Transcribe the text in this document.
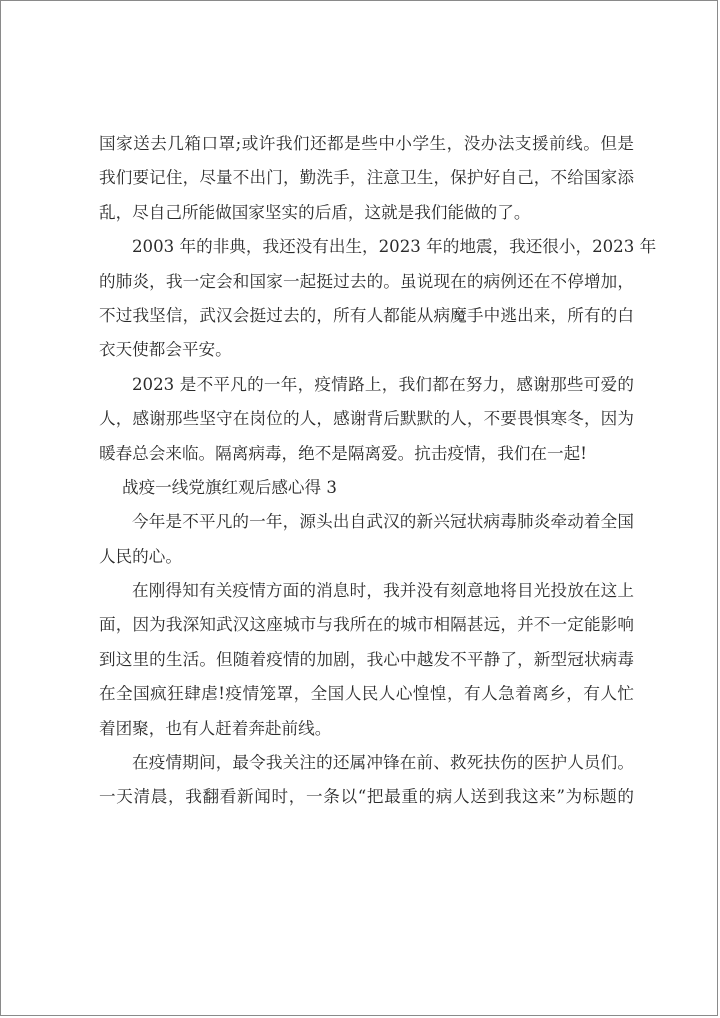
国家送去几箱口罩;或许我们还都是些中小学生，没办法支援前线。但是
我们要记住，尽量不出门，勤洗手，注意卫生，保护好自己，不给国家添
乱，尽自己所能做国家坚实的后盾，这就是我们能做的了。
2003 年的非典，我还没有出生，2023 年的地震，我还很小，2023 年
的肺炎，我一定会和国家一起挺过去的。虽说现在的病例还在不停增加，
不过我坚信，武汉会挺过去的，所有人都能从病魔手中逃出来，所有的白
衣天使都会平安。
2023 是不平凡的一年，疫情路上，我们都在努力，感谢那些可爱的
人，感谢那些坚守在岗位的人，感谢背后默默的人，不要畏惧寒冬，因为
暖春总会来临。隔离病毒，绝不是隔离爱。抗击疫情，我们在一起!
战疫一线党旗红观后感心得 3
今年是不平凡的一年，源头出自武汉的新兴冠状病毒肺炎牵动着全国
人民的心。
在刚得知有关疫情方面的消息时，我并没有刻意地将目光投放在这上
面，因为我深知武汉这座城市与我所在的城市相隔甚远，并不一定能影响
到这里的生活。但随着疫情的加剧，我心中越发不平静了，新型冠状病毒
在全国疯狂肆虐!疫情笼罩，全国人民人心惶惶，有人急着离乡，有人忙
着团聚，也有人赶着奔赴前线。
在疫情期间，最令我关注的还属冲锋在前、救死扶伤的医护人员们。
一天清晨，我翻看新闻时，一条以“把最重的病人送到我这来”为标题的
